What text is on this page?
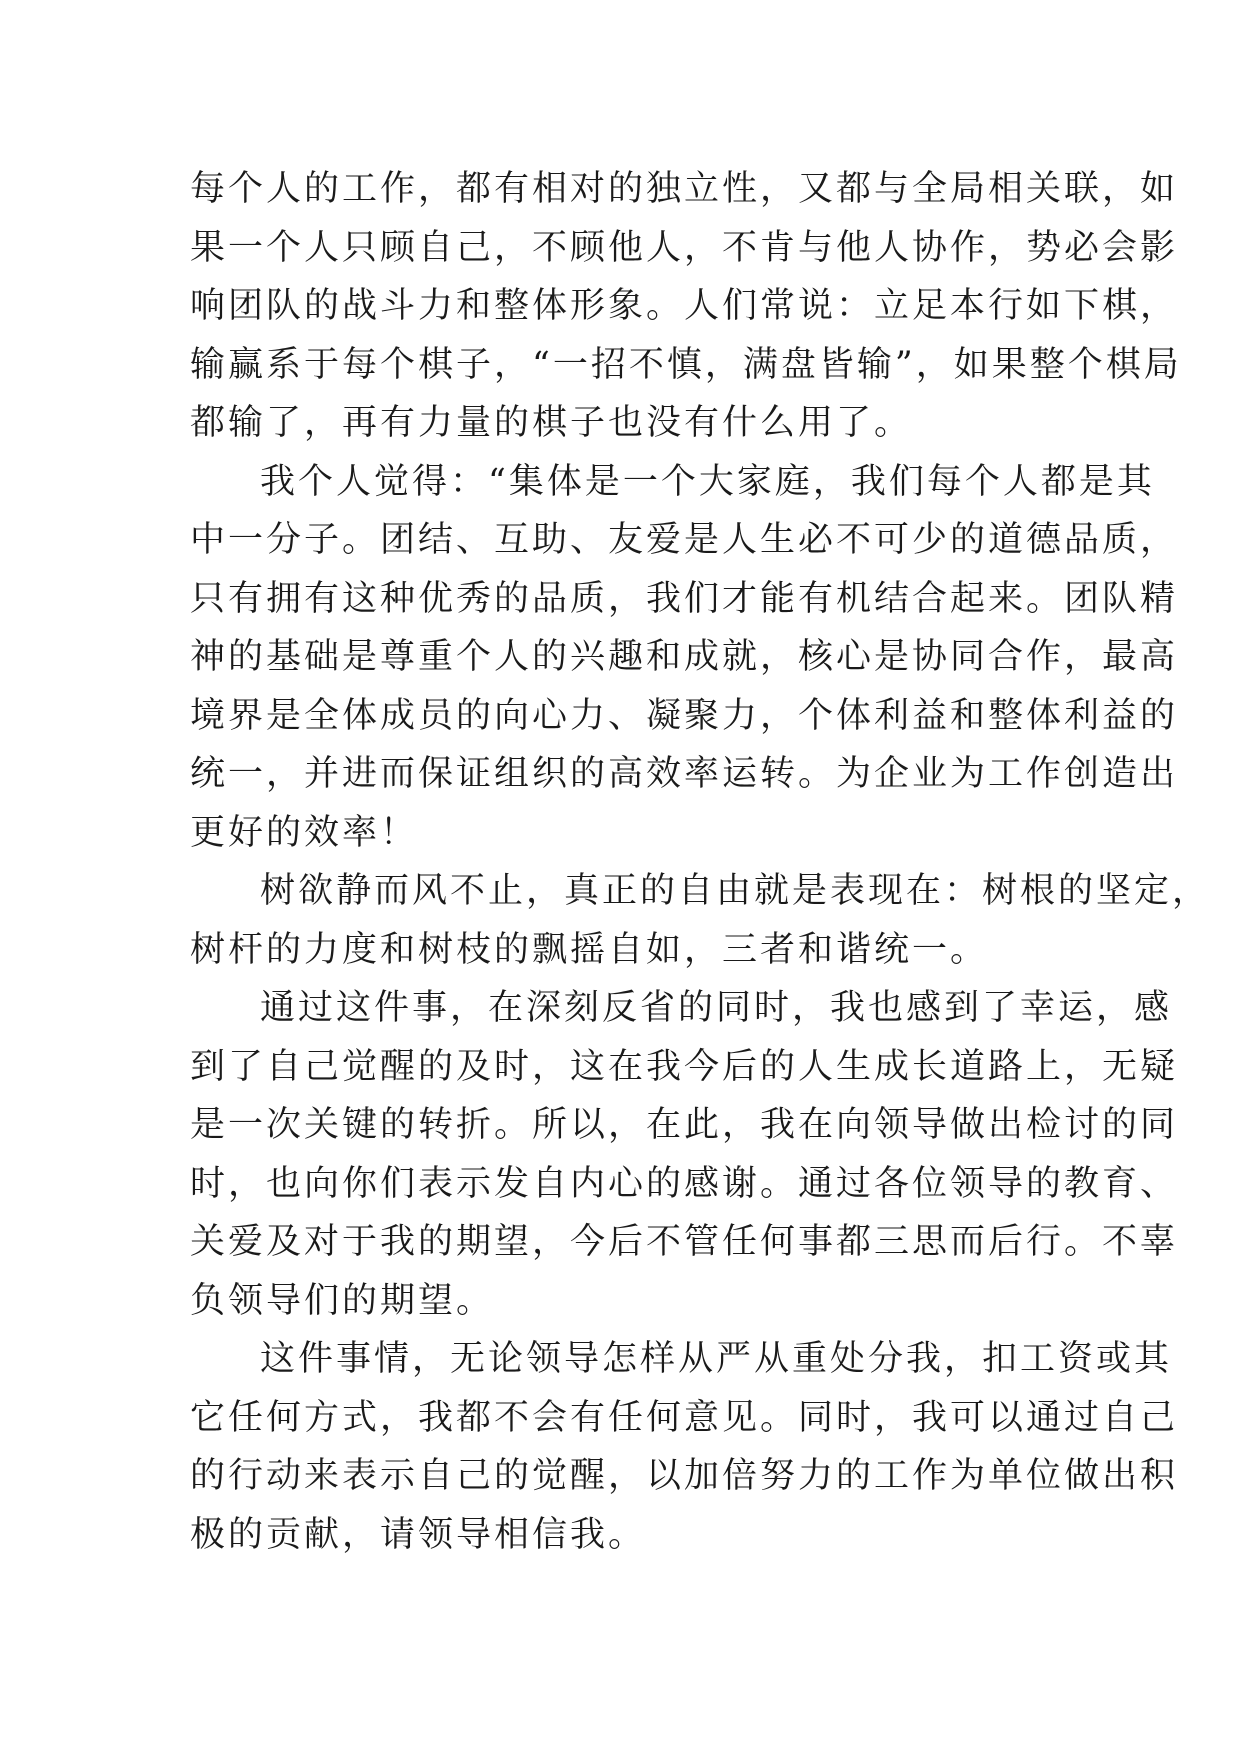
每个人的工作，都有相对的独立性，又都与全局相关联，如
果一个人只顾自己，不顾他人，不肯与他人协作，势必会影
响团队的战斗力和整体形象。人们常说：立足本行如下棋，
输赢系于每个棋子，“一招不慎，满盘皆输”，如果整个棋局
都输了，再有力量的棋子也没有什么用了。
我个人觉得：“集体是一个大家庭，我们每个人都是其
中一分子。团结、互助、友爱是人生必不可少的道德品质，
只有拥有这种优秀的品质，我们才能有机结合起来。团队精
神的基础是尊重个人的兴趣和成就，核心是协同合作，最高
境界是全体成员的向心力、凝聚力，个体利益和整体利益的
统一，并进而保证组织的高效率运转。为企业为工作创造出
更好的效率！
树欲静而风不止，真正的自由就是表现在：树根的坚定，
树杆的力度和树枝的飘摇自如，三者和谐统一。
通过这件事，在深刻反省的同时，我也感到了幸运，感
到了自己觉醒的及时，这在我今后的人生成长道路上，无疑
是一次关键的转折。所以，在此，我在向领导做出检讨的同
时，也向你们表示发自内心的感谢。通过各位领导的教育、
关爱及对于我的期望，今后不管任何事都三思而后行。不辜
负领导们的期望。
这件事情，无论领导怎样从严从重处分我，扣工资或其
它任何方式，我都不会有任何意见。同时，我可以通过自己
的行动来表示自己的觉醒，以加倍努力的工作为单位做出积
极的贡献，请领导相信我。
